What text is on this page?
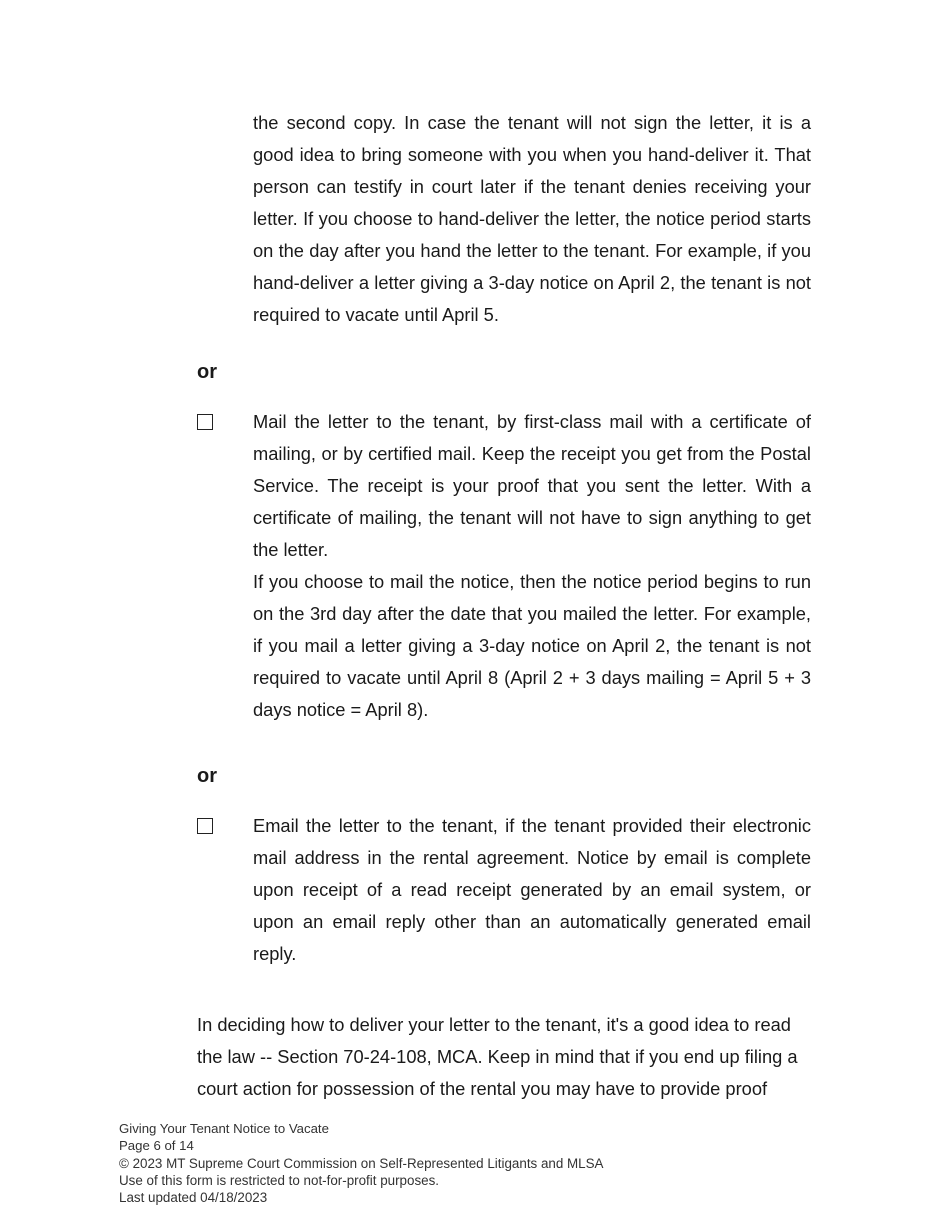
the second copy. In case the tenant will not sign the letter, it is a good idea to bring someone with you when you hand-deliver it. That person can testify in court later if the tenant denies receiving your letter. If you choose to hand-deliver the letter, the notice period starts on the day after you hand the letter to the tenant. For example, if you hand-deliver a letter giving a 3-day notice on April 2, the tenant is not required to vacate until April 5.

or

Mail the letter to the tenant, by first-class mail with a certificate of mailing, or by certified mail. Keep the receipt you get from the Postal Service. The receipt is your proof that you sent the letter. With a certificate of mailing, the tenant will not have to sign anything to get the letter.

If you choose to mail the notice, then the notice period begins to run on the 3rd day after the date that you mailed the letter. For example, if you mail a letter giving a 3-day notice on April 2, the tenant is not required to vacate until April 8 (April 2 + 3 days mailing = April 5 + 3 days notice = April 8).

or

Email the letter to the tenant, if the tenant provided their electronic mail address in the rental agreement. Notice by email is complete upon receipt of a read receipt generated by an email system, or upon an email reply other than an automatically generated email reply.

In deciding how to deliver your letter to the tenant, it's a good idea to read the law -- Section 70-24-108, MCA. Keep in mind that if you end up filing a court action for possession of the rental you may have to provide proof

Giving Your Tenant Notice to Vacate
Page 6 of 14
© 2023 MT Supreme Court Commission on Self-Represented Litigants and MLSA
Use of this form is restricted to not-for-profit purposes.
Last updated 04/18/2023
